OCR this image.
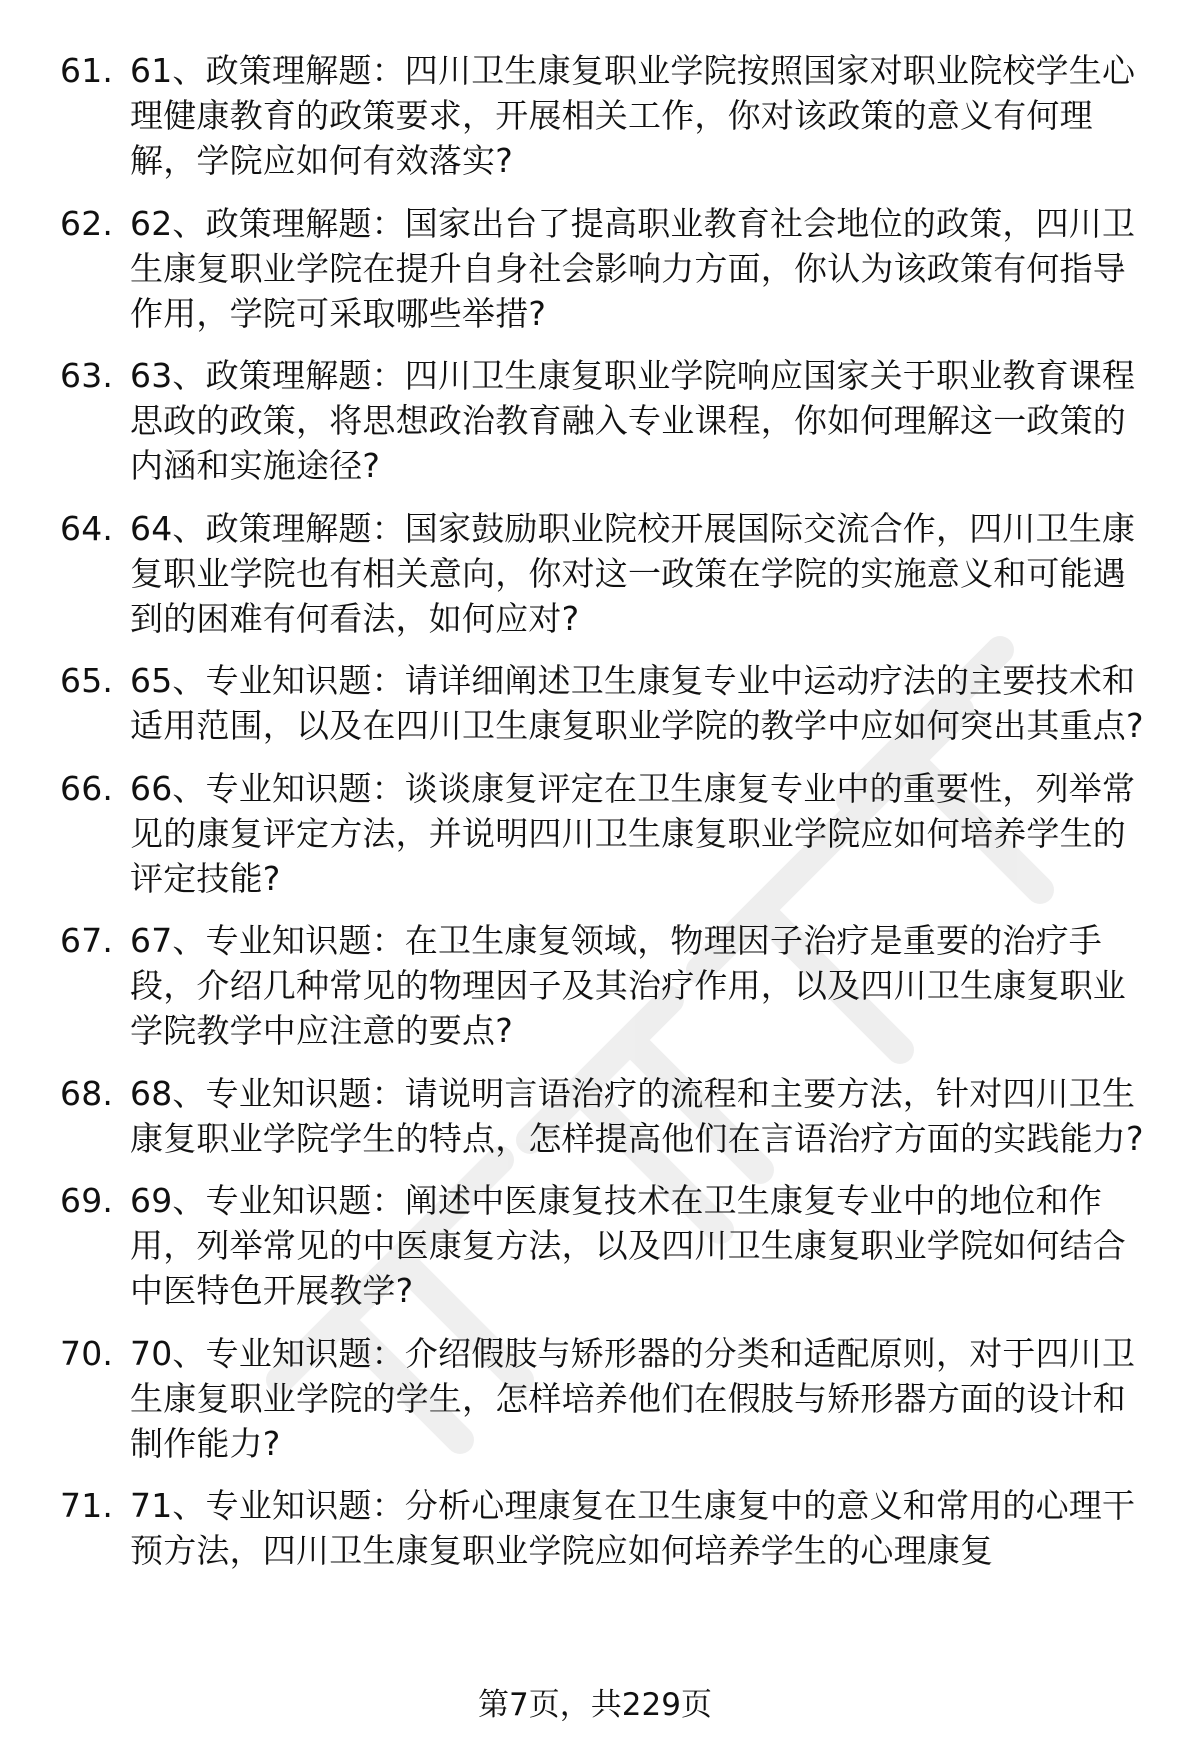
61. 61、政策理解题：四川卫生康复职业学院按照国家对职业院校学生心理健康教育的政策要求，开展相关工作，你对该政策的意义有何理解，学院应如何有效落实?
62. 62、政策理解题：国家出台了提高职业教育社会地位的政策，四川卫生康复职业学院在提升自身社会影响力方面，你认为该政策有何指导作用，学院可采取哪些举措?
63. 63、政策理解题：四川卫生康复职业学院响应国家关于职业教育课程思政的政策，将思想政治教育融入专业课程，你如何理解这一政策的内涵和实施途径?
64. 64、政策理解题：国家鼓励职业院校开展国际交流合作，四川卫生康复职业学院也有相关意向，你对这一政策在学院的实施意义和可能遇到的困难有何看法，如何应对?
65. 65、专业知识题：请详细阐述卫生康复专业中运动疗法的主要技术和适用范围，以及在四川卫生康复职业学院的教学中应如何突出其重点?
66. 66、专业知识题：谈谈康复评定在卫生康复专业中的重要性，列举常见的康复评定方法，并说明四川卫生康复职业学院应如何培养学生的评定技能?
67. 67、专业知识题：在卫生康复领域，物理因子治疗是重要的治疗手段，介绍几种常见的物理因子及其治疗作用，以及四川卫生康复职业学院教学中应注意的要点?
68. 68、专业知识题：请说明言语治疗的流程和主要方法，针对四川卫生康复职业学院学生的特点，怎样提高他们在言语治疗方面的实践能力?
69. 69、专业知识题：阐述中医康复技术在卫生康复专业中的地位和作用，列举常见的中医康复方法，以及四川卫生康复职业学院如何结合中医特色开展教学?
70. 70、专业知识题：介绍假肢与矫形器的分类和适配原则，对于四川卫生康复职业学院的学生，怎样培养他们在假肢与矫形器方面的设计和制作能力?
71. 71、专业知识题：分析心理康复在卫生康复中的意义和常用的心理干预方法，四川卫生康复职业学院应如何培养学生的心理康复
第7页，共229页
